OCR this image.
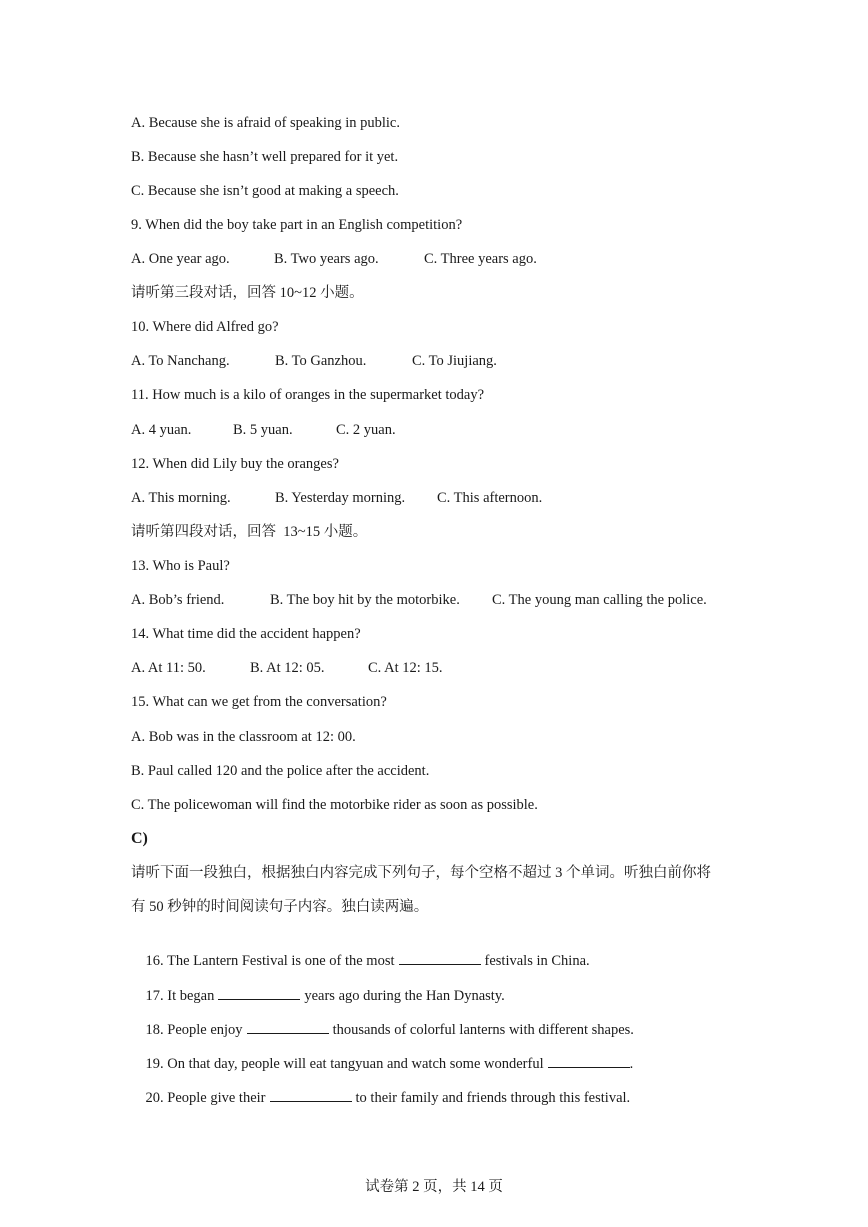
A. Because she is afraid of speaking in public.
B. Because she hasn’t well prepared for it yet.
C. Because she isn’t good at making a speech.
9. When did the boy take part in an English competition?

A. One year ago.

	B. Two years ago.

	C. Three years ago.

请听第三段对话，回答 10~12 小题。
10. Where did Alfred go?

A. To Nanchang.

	B. To Ganzhou.

	C. To Jiujiang.

11. How much is a kilo of oranges in the supermarket today?

A. 4 yuan.

	B. 5 yuan.

	C. 2 yuan.

12. When did Lily buy the oranges?

A. This morning.

	B. Yesterday morning.

C. This afternoon.

请听第四段对话，回答  13~15 小题。
13. Who is Paul?

A. Bob’s friend.

	B. The boy hit by the motorbike.

C. The young man calling the police.

14. What time did the accident happen?

A. At 11: 50.

	B. At 12: 05.

	C. At 12: 15.

15. What can we get from the conversation?
A. Bob was in the classroom at 12: 00.
B. Paul called 120 and the police after the accident.
C. The policewoman will find the motorbike rider as soon as possible.
C)
请听下面一段独白，根据独白内容完成下列句子，每个空格不超过 3 个单词。听独白前你将
有 50 秒钟的时间阅读句子内容。独白读两遍。

16. The Lantern Festival is one of the most	festivals in China.

17. It began	years ago during the Han Dynasty.

18. People enjoy	thousands of colorful lanterns with different shapes.

19. On that day, people will eat tangyuan and watch some wonderful	.

20. People give their	to their family and friends through this festival.

试卷第 2 页，共 14 页
